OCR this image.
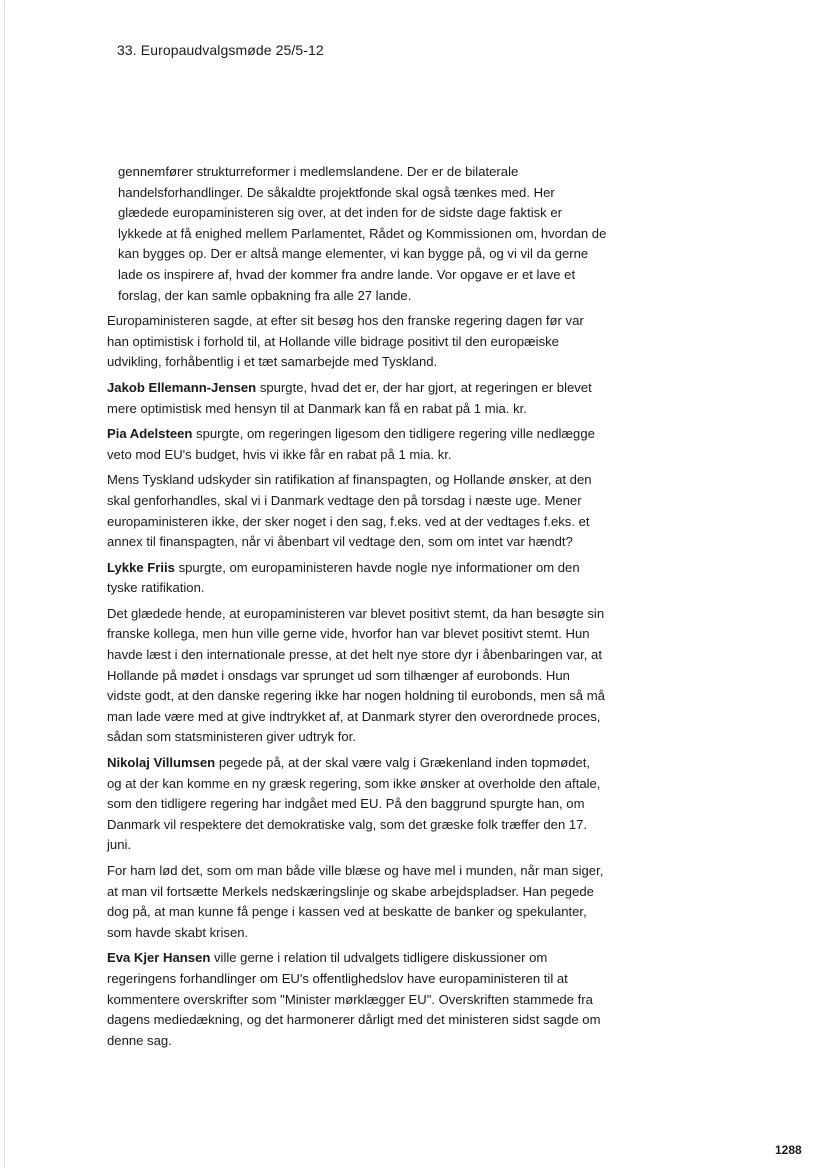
33. Europaudvalgsmøde 25/5-12

gennemfører strukturreformer i medlemslandene. Der er de bilaterale handelsforhandlinger. De såkaldte projektfonde skal også tænkes med. Her glædede europaministeren sig over, at det inden for de sidste dage faktisk er lykkede at få enighed mellem Parlamentet, Rådet og Kommissionen om, hvordan de kan bygges op. Der er altså mange elementer, vi kan bygge på, og vi vil da gerne lade os inspirere af, hvad der kommer fra andre lande. Vor opgave er et lave et forslag, der kan samle opbakning fra alle 27 lande.

Europaministeren sagde, at efter sit besøg hos den franske regering dagen før var han optimistisk i forhold til, at Hollande ville bidrage positivt til den europæiske udvikling, forhåbentlig i et tæt samarbejde med Tyskland.

Jakob Ellemann-Jensen spurgte, hvad det er, der har gjort, at regeringen er blevet mere optimistisk med hensyn til at Danmark kan få en rabat på 1 mia. kr.

Pia Adelsteen spurgte, om regeringen ligesom den tidligere regering ville nedlægge veto mod EU's budget, hvis vi ikke får en rabat på 1 mia. kr.

Mens Tyskland udskyder sin ratifikation af finanspagten, og Hollande ønsker, at den skal genforhandles, skal vi i Danmark vedtage den på torsdag i næste uge. Mener europaministeren ikke, der sker noget i den sag, f.eks. ved at der vedtages f.eks. et annex til finanspagten, når vi åbenbart vil vedtage den, som om intet var hændt?

Lykke Friis spurgte, om europaministeren havde nogle nye informationer om den tyske ratifikation.

Det glædede hende, at europaministeren var blevet positivt stemt, da han besøgte sin franske kollega, men hun ville gerne vide, hvorfor han var blevet positivt stemt. Hun havde læst i den internationale presse, at det helt nye store dyr i åbenbaringen var, at Hollande på mødet i onsdags var sprunget ud som tilhænger af eurobonds. Hun vidste godt, at den danske regering ikke har nogen holdning til eurobonds, men så må man lade være med at give indtrykket af, at Danmark styrer den overordnede proces, sådan som statsministeren giver udtryk for.

Nikolaj Villumsen pegede på, at der skal være valg i Grækenland inden topmødet, og at der kan komme en ny græsk regering, som ikke ønsker at overholde den aftale, som den tidligere regering har indgået med EU. På den baggrund spurgte han, om Danmark vil respektere det demokratiske valg, som det græske folk træffer den 17. juni.

For ham lød det, som om man både ville blæse og have mel i munden, når man siger, at man vil fortsætte Merkels nedskæringslinje og skabe arbejdspladser. Han pegede dog på, at man kunne få penge i kassen ved at beskatte de banker og spekulanter, som havde skabt krisen.

Eva Kjer Hansen ville gerne i relation til udvalgets tidligere diskussioner om regeringens forhandlinger om EU's offentlighedslov have europaministeren til at kommentere overskrifter som "Minister mørklægger EU". Overskriften stammede fra dagens mediedækning, og det harmonerer dårligt med det ministeren sidst sagde om denne sag.

1288
